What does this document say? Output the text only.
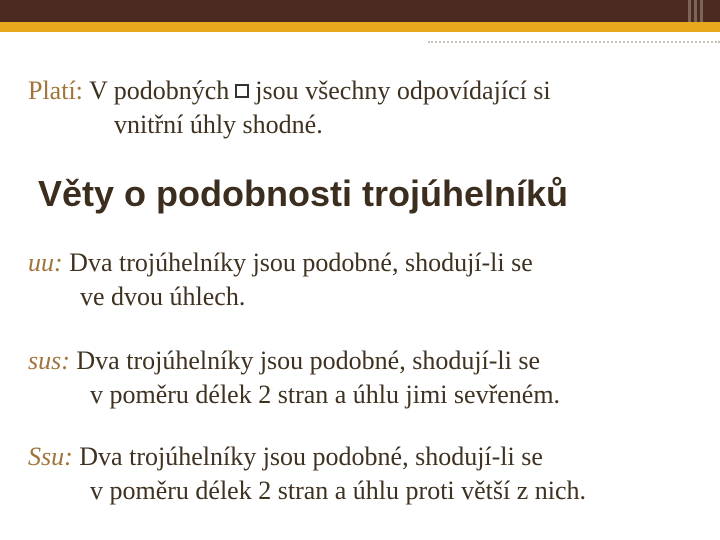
Platí: V podobných jsou všechny odpovídající si
vnitřní úhly shodné.
Věty o podobnosti trojúhelníků
uu: Dva trojúhelníky jsou podobné, shodují-li se
ve dvou úhlech.
sus: Dva trojúhelníky jsou podobné, shodují-li se
v poměru délek 2 stran a úhlu jimi sevřeném.
Ssu: Dva trojúhelníky jsou podobné, shodují-li se
v poměru délek 2 stran a úhlu proti větší z nich.
